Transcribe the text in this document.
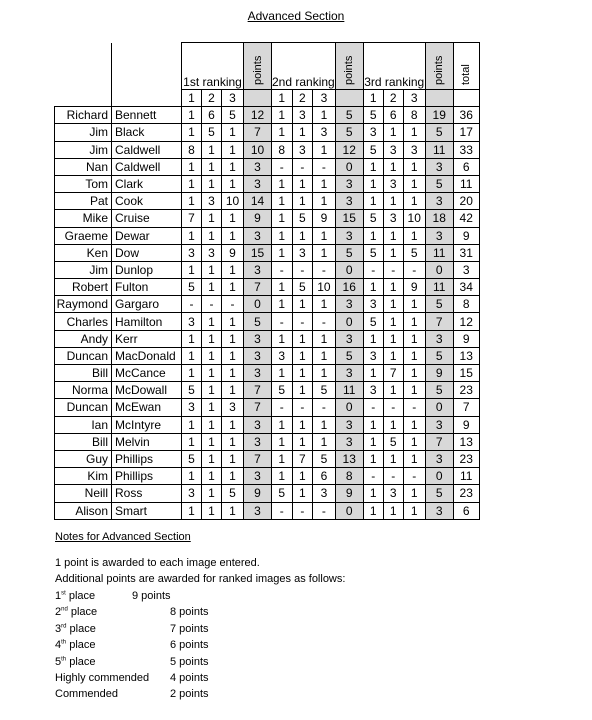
Advanced Section
		1st ranking			points	2nd ranking			points	3rd ranking			points	total

		1	2	3		1	2	3		1	2	3		
Richard	Bennett	1	6	5	12	1	3	1	5	5	6	8	19	36
Jim	Black	1	5	1	7	1	1	3	5	3	1	1	5	17
Jim	Caldwell	8	1	1	10	8	3	1	12	5	3	3	11	33
Nan	Caldwell	1	1	1	3	-	-	-	0	1	1	1	3	6
Tom	Clark	1	1	1	3	1	1	1	3	1	3	1	5	11
Pat	Cook	1	3	10	14	1	1	1	3	1	1	1	3	20
Mike	Cruise	7	1	1	9	1	5	9	15	5	3	10	18	42
Graeme	Dewar	1	1	1	3	1	1	1	3	1	1	1	3	9
Ken	Dow	3	3	9	15	1	3	1	5	5	1	5	11	31
Jim	Dunlop	1	1	1	3	-	-	-	0	-	-	-	0	3
Robert	Fulton	5	1	1	7	1	5	10	16	1	1	9	11	34
Raymond	Gargaro	-	-	-	0	1	1	1	3	3	1	1	5	8
Charles	Hamilton	3	1	1	5	-	-	-	0	5	1	1	7	12
Andy	Kerr	1	1	1	3	1	1	1	3	1	1	1	3	9
Duncan	MacDonald	1	1	1	3	3	1	1	5	3	1	1	5	13
Bill	McCance	1	1	1	3	1	1	1	3	1	7	1	9	15
Norma	McDowall	5	1	1	7	5	1	5	11	3	1	1	5	23
Duncan	McEwan	3	1	3	7	-	-	-	0	-	-	-	0	7
Ian	McIntyre	1	1	1	3	1	1	1	3	1	1	1	3	9
Bill	Melvin	1	1	1	3	1	1	1	3	1	5	1	7	13
Guy	Phillips	5	1	1	7	1	7	5	13	1	1	1	3	23
Kim	Phillips	1	1	1	3	1	1	6	8	-	-	-	0	11
Neill	Ross	3	1	5	9	5	1	3	9	1	3	1	5	23
Alison	Smart	1	1	1	3	-	-	-	0	1	1	1	3	6
Notes for Advanced Section
1 point is awarded to each image entered.
Additional points are awarded for ranked images as follows:
1st place	9 points
2nd place	8 points
3rd place	7 points
4th place	6 points
5th place	5 points
Highly commended 4 points
Commended	2 points
